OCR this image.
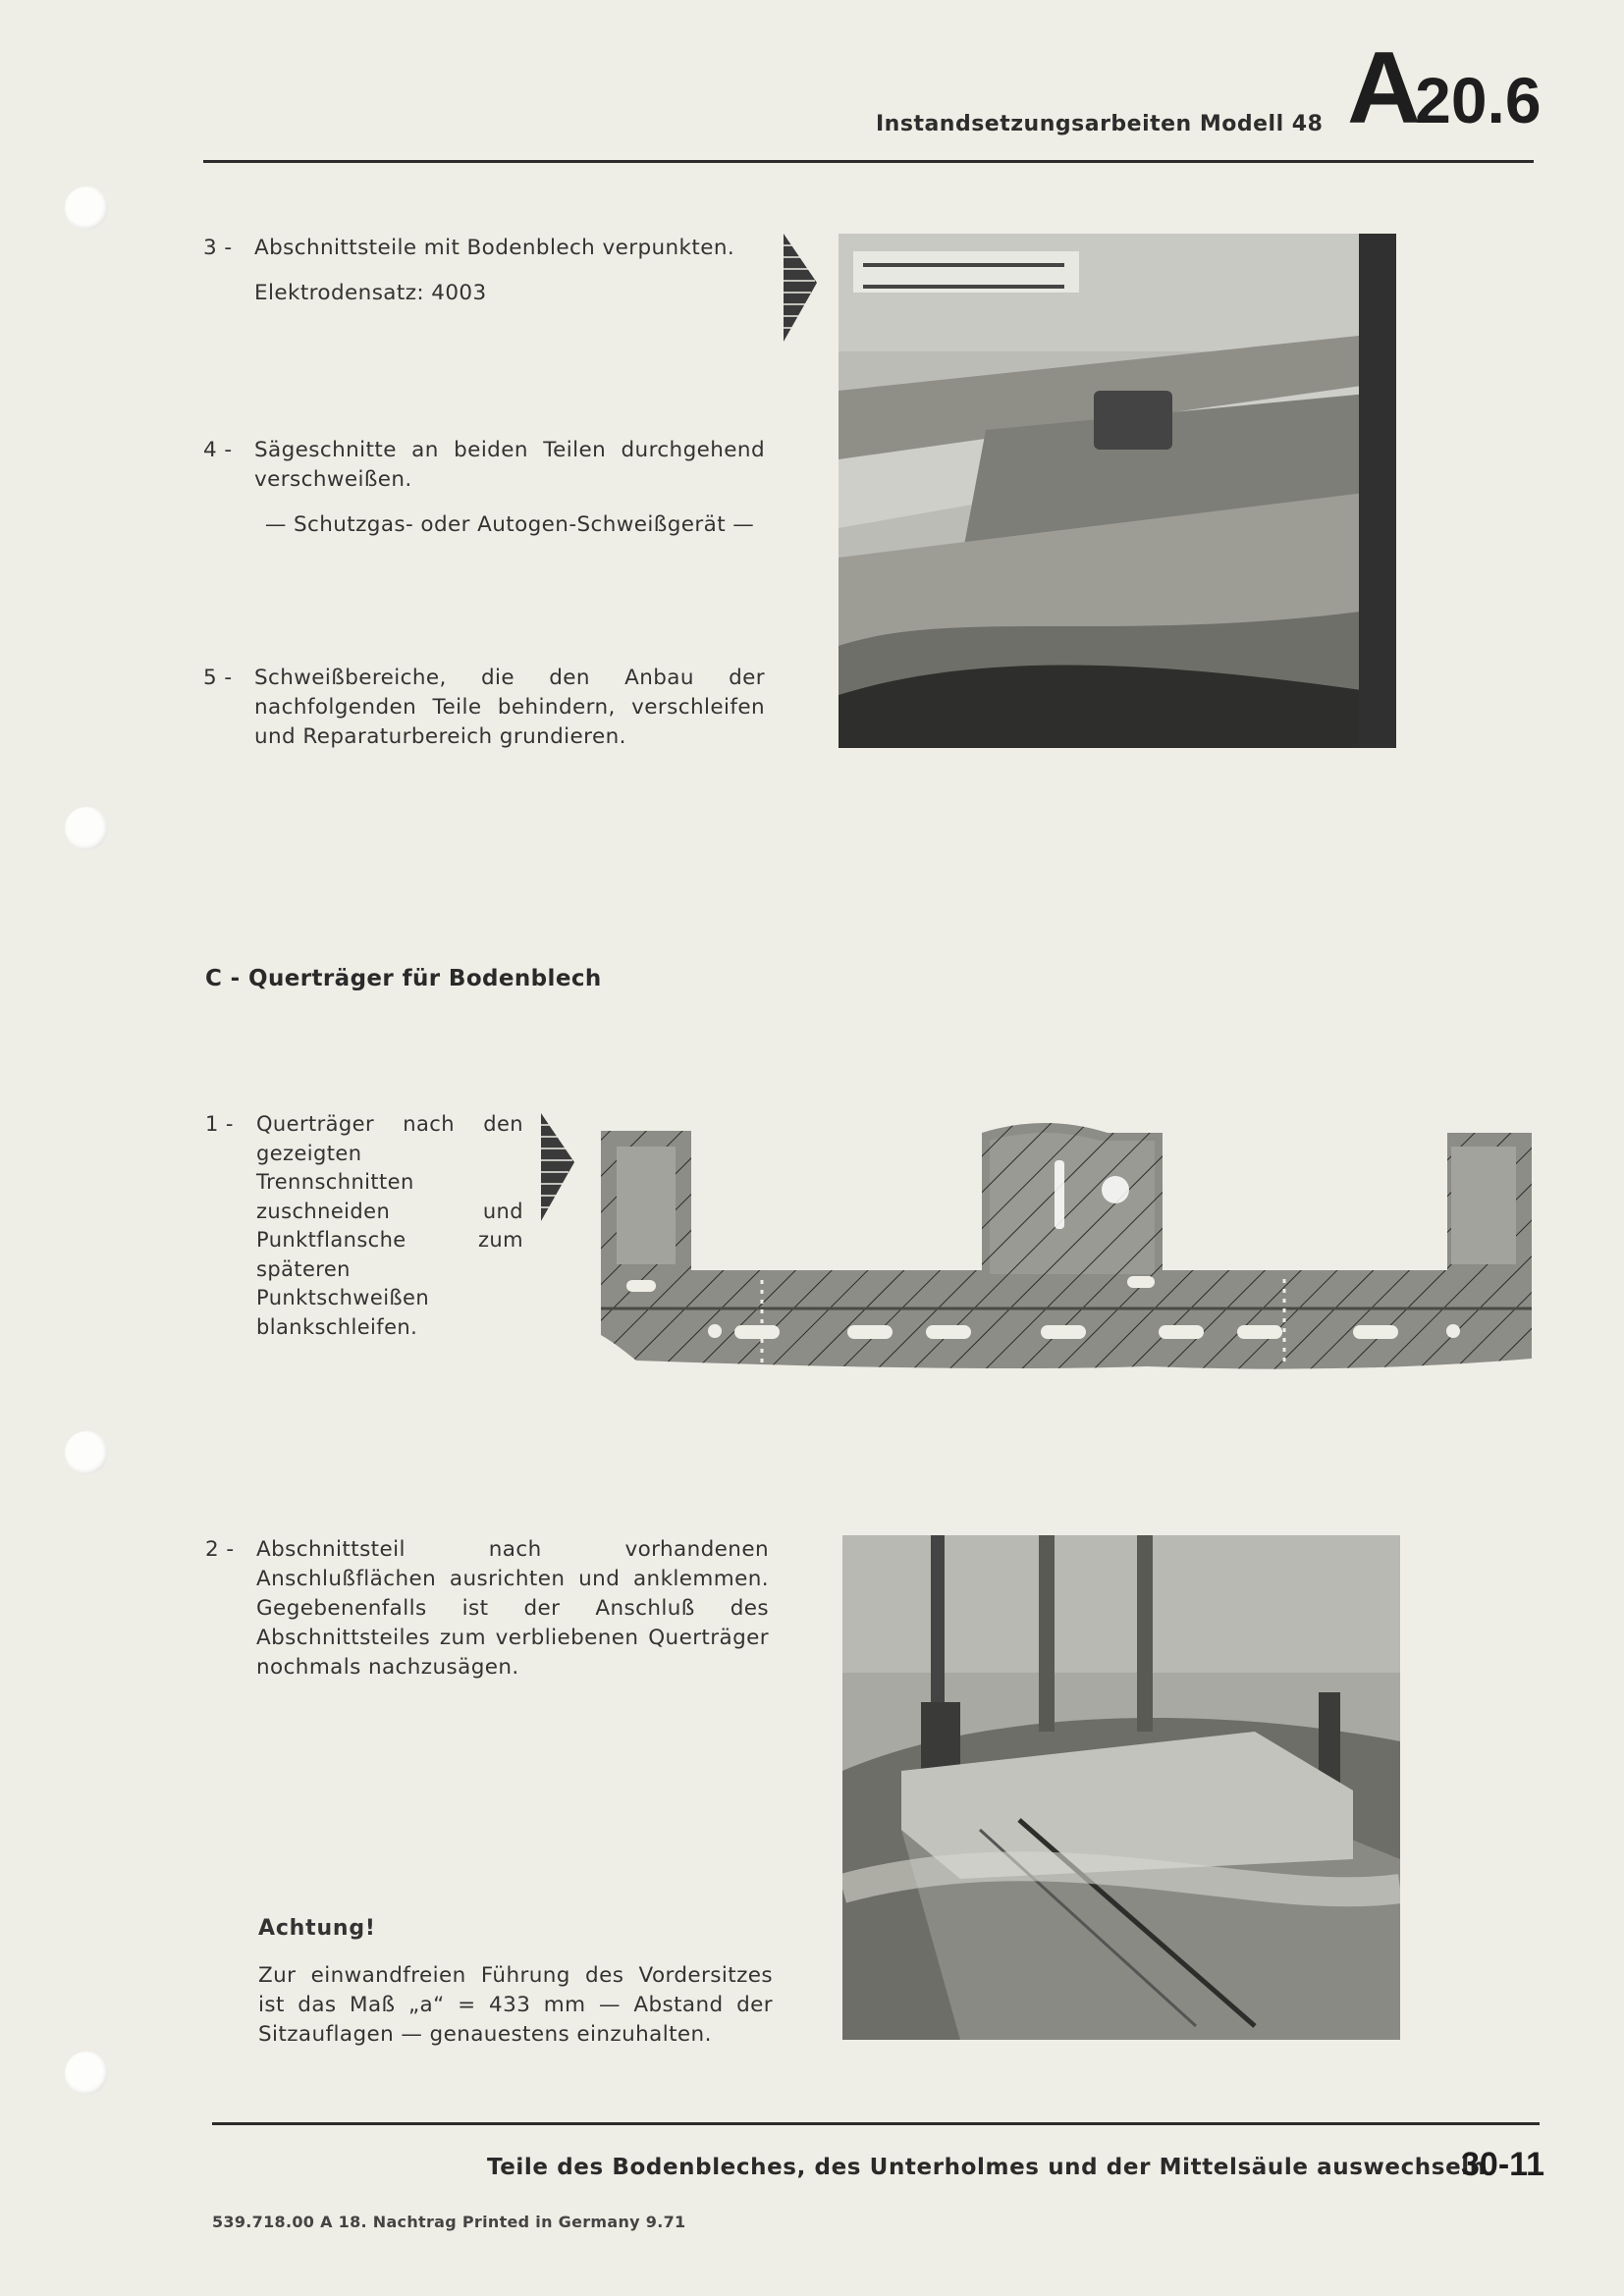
Instandsetzungsarbeiten Modell 48 A20.6
3 -	Abschnittsteile mit Bodenblech verpunkten.
Elektrodensatz: 4003
4 -	Sägeschnitte an beiden Teilen durchgehend verschweißen.
— Schutzgas- oder Autogen-Schweißgerät —
5 -	Schweißbereiche, die den Anbau der nachfolgenden Teile behindern, verschleifen und Reparaturbereich grundieren.
C - Querträger für Bodenblech
1 -	Querträger nach den gezeigten Trennschnitten zuschneiden und Punktflansche zum späteren Punktschweißen blankschleifen.
2 -	Abschnittsteil nach vorhandenen Anschlußflächen ausrichten und anklemmen. Gegebenenfalls ist der Anschluß des Abschnittsteiles zum verbliebenen Querträger nochmals nachzusägen.
Achtung!
Zur einwandfreien Führung des Vordersitzes ist das Maß „a“ = 433 mm — Abstand der Sitzauflagen — genauestens einzuhalten.
Teile des Bodenbleches, des Unterholmes und der Mittelsäule auswechseln
30-11
539.718.00 A 18. Nachtrag Printed in Germany 9.71
